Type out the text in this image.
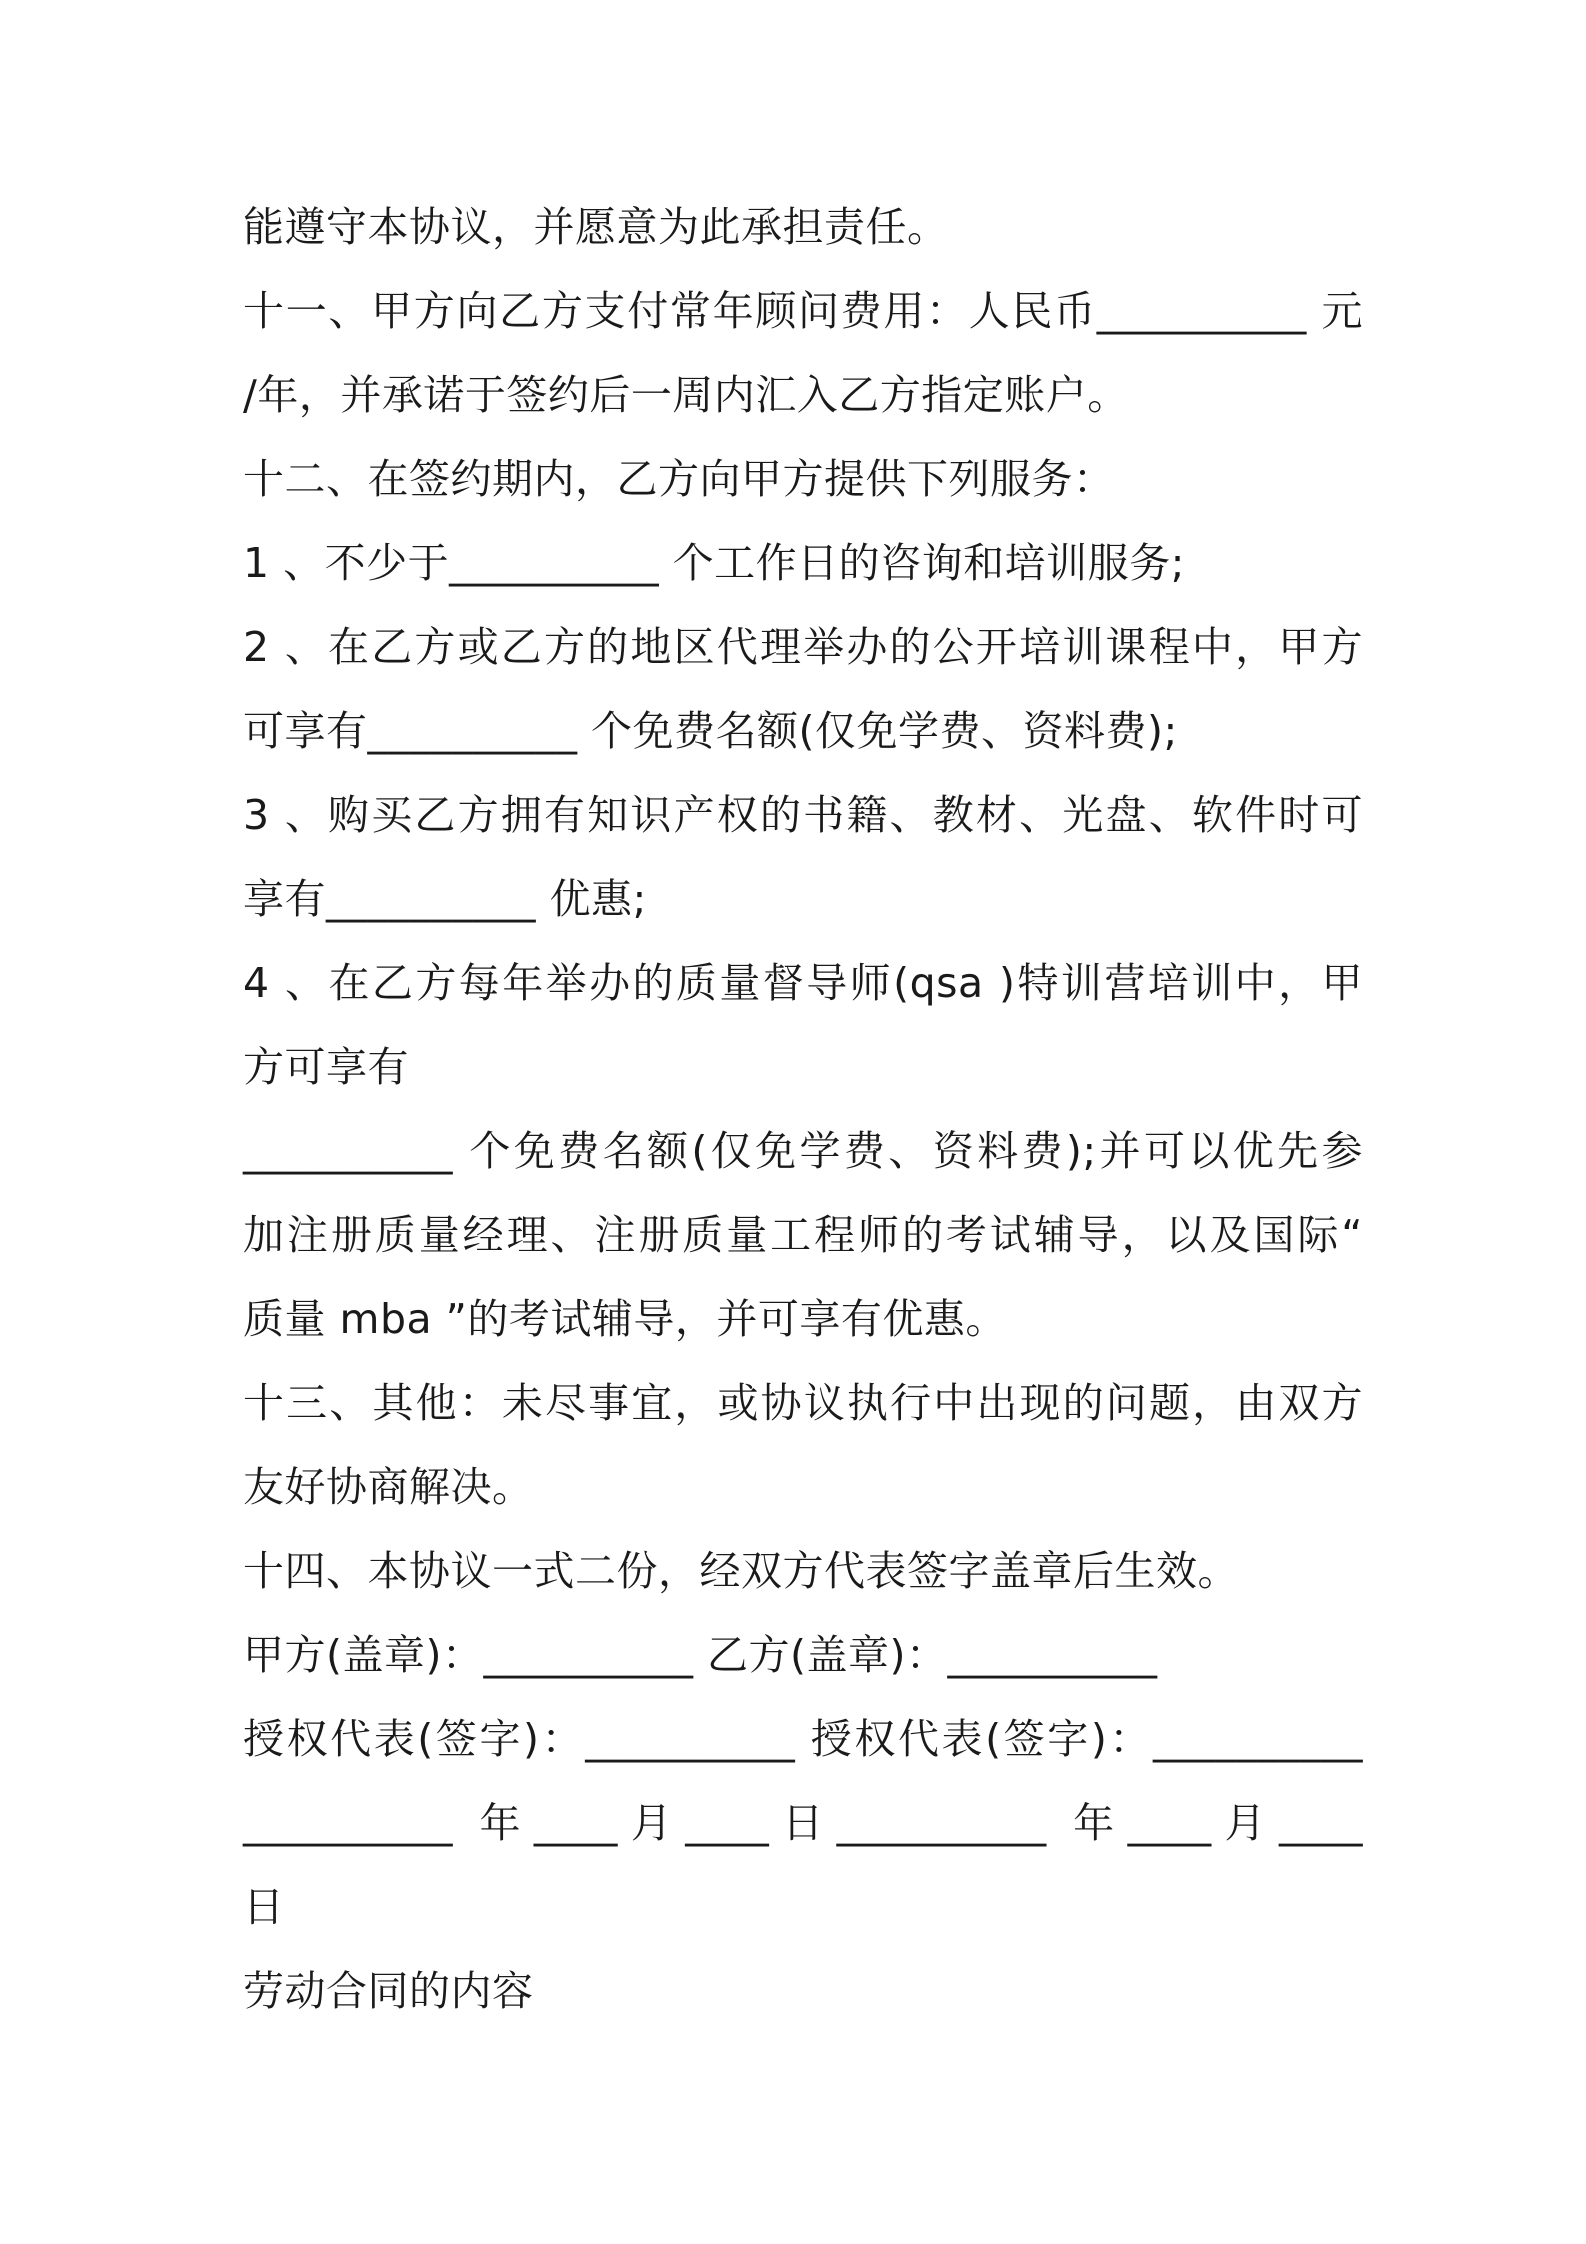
能遵守本协议，并愿意为此承担责任。
十一、甲方向乙方支付常年顾问费用：人民币__________ 元
/年，并承诺于签约后一周内汇入乙方指定账户。
十二、在签约期内，乙方向甲方提供下列服务：
1 、不少于__________ 个工作日的咨询和培训服务;
2 、在乙方或乙方的地区代理举办的公开培训课程中，甲方
可享有__________ 个免费名额(仅免学费、资料费);
3 、购买乙方拥有知识产权的书籍、教材、光盘、软件时可
享有__________ 优惠;
4 、在乙方每年举办的质量督导师(qsa )特训营培训中，甲
方可享有
__________ 个免费名额(仅免学费、资料费);并可以优先参
加注册质量经理、注册质量工程师的考试辅导，以及国际“
质量 mba ”的考试辅导，并可享有优惠。
十三、其他：未尽事宜，或协议执行中出现的问题，由双方
友好协商解决。
十四、本协议一式二份，经双方代表签字盖章后生效。
甲方(盖章)：__________ 乙方(盖章)：__________
授权代表(签字)：__________ 授权代表(签字)：__________
__________ 年____月____日__________ 年____月____
日
劳动合同的内容
